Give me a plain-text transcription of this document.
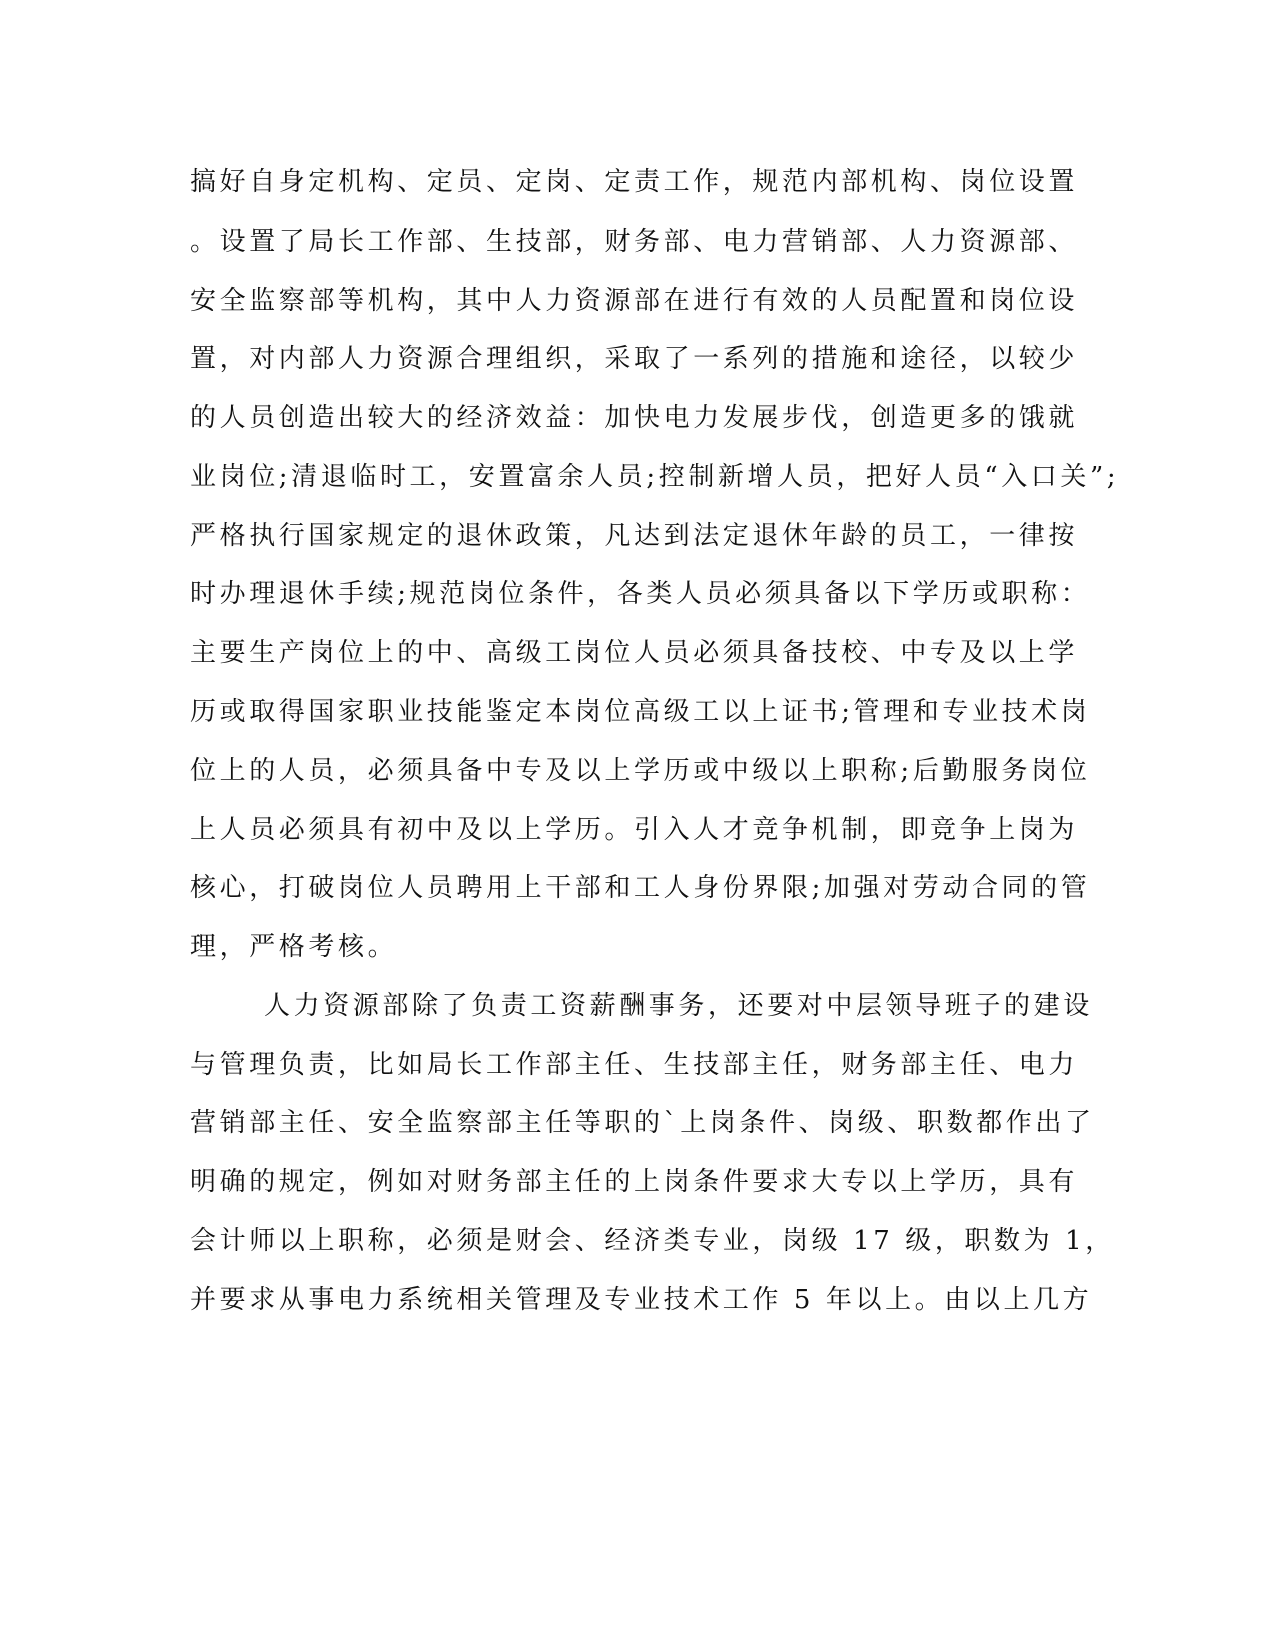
搞好自身定机构、定员、定岗、定责工作，规范内部机构、岗位设置
。设置了局长工作部、生技部，财务部、电力营销部、人力资源部、
安全监察部等机构，其中人力资源部在进行有效的人员配置和岗位设
置，对内部人力资源合理组织，采取了一系列的措施和途径，以较少
的人员创造出较大的经济效益：加快电力发展步伐，创造更多的饿就
业岗位;清退临时工，安置富余人员;控制新增人员，把好人员“入口关”;
严格执行国家规定的退休政策，凡达到法定退休年龄的员工，一律按
时办理退休手续;规范岗位条件，各类人员必须具备以下学历或职称：
主要生产岗位上的中、高级工岗位人员必须具备技校、中专及以上学
历或取得国家职业技能鉴定本岗位高级工以上证书;管理和专业技术岗
位上的人员，必须具备中专及以上学历或中级以上职称;后勤服务岗位
上人员必须具有初中及以上学历。引入人才竞争机制，即竞争上岗为
核心，打破岗位人员聘用上干部和工人身份界限;加强对劳动合同的管
理，严格考核。
人力资源部除了负责工资薪酬事务，还要对中层领导班子的建设
与管理负责，比如局长工作部主任、生技部主任，财务部主任、电力
营销部主任、安全监察部主任等职的`上岗条件、岗级、职数都作出了
明确的规定，例如对财务部主任的上岗条件要求大专以上学历，具有
会计师以上职称，必须是财会、经济类专业，岗级 17 级，职数为 1，
并要求从事电力系统相关管理及专业技术工作 5 年以上。由以上几方
